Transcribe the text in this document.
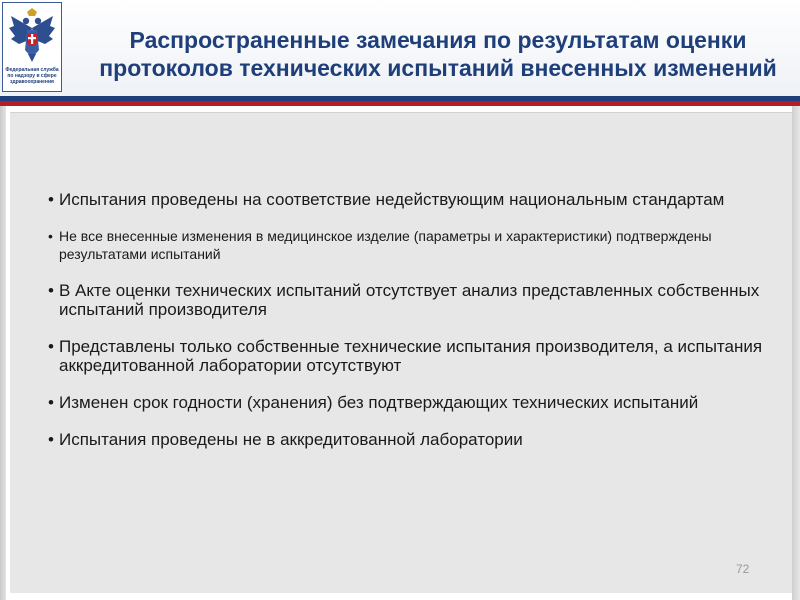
Федеральная служба по надзору в сфере здравоохранения
Распространенные замечания по результатам оценки протоколов технических испытаний внесенных изменений
• Испытания проведены на соответствие недействующим национальным стандартам
• Не все внесенные изменения в медицинское изделие (параметры и характеристики) подтверждены результатами испытаний
• В Акте оценки технических испытаний отсутствует анализ представленных собственных испытаний производителя
• Представлены только собственные технические испытания производителя, а испытания аккредитованной лаборатории отсутствуют
• Изменен срок годности (хранения) без подтверждающих технических испытаний
• Испытания проведены не в аккредитованной лаборатории
72
